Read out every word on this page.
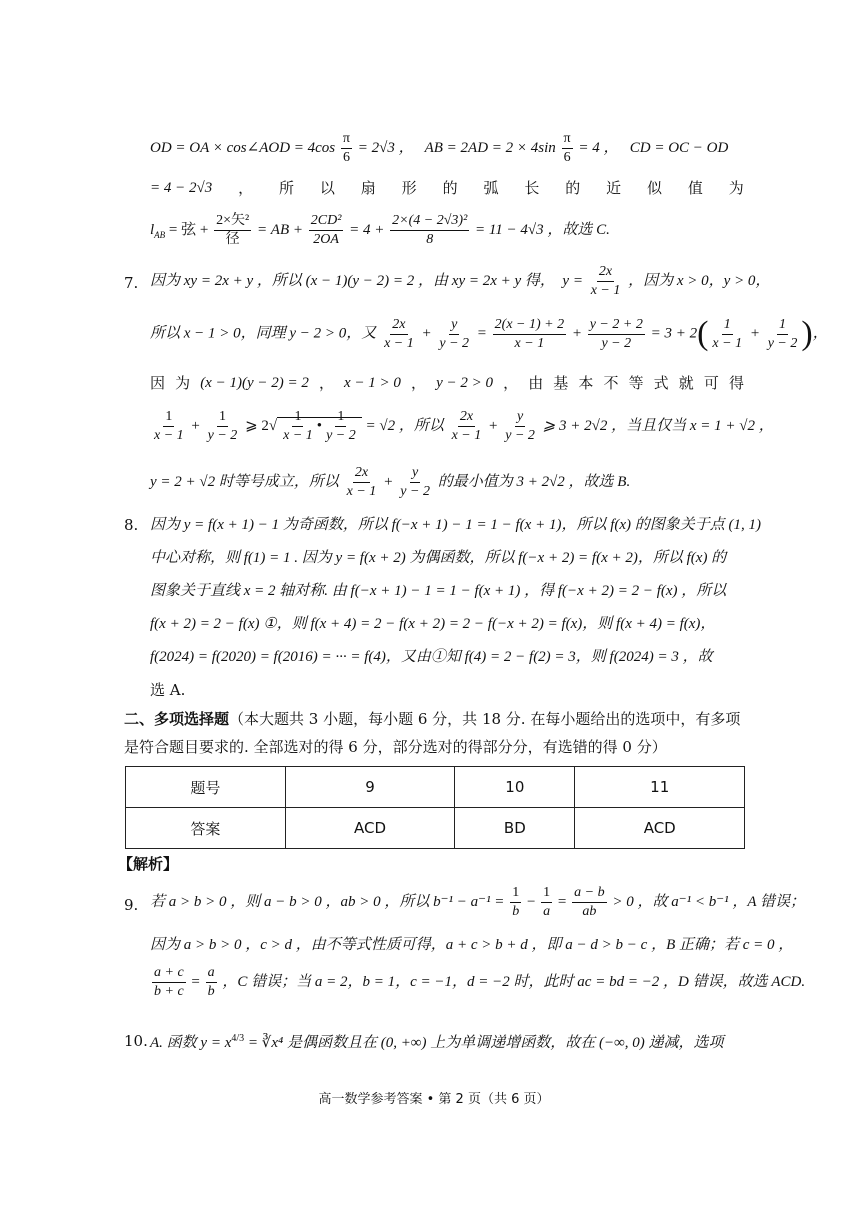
OD = OA × cos∠AOD = $4\cos \frac{\pi}{6} = 2√3$ ， AB = $2AD = 2 \times 4\sin \frac{\pi}{6} = 4$ ， CD = OC − OD
= 4 − 2√3 ， 所 以 扇 形 的 弧 长 的 近 似 值 为
$l_{AB}$ = 弦 + $\frac{\text{2×矢²}}{\text{径}}$ = AB + $\frac{\text{2CD²}}{2OA} = 4 + \frac{\text{2×(4 − 2√3)²}}{8} = 11 - 4√3$ ，故选 C.
7. 因为 xy = 2x + y ，所以 (x − 1)(y − 2) = 2 ，由 xy = 2x + y 得， $y = \frac{2x}{x - 1}$ ，因为 x > 0，y > 0，
所以 x − 1 > 0，同理 y − 2 > 0，又 $\frac{2x}{x - 1} + \frac{y}{y - 2} = \frac{2(x - 1) + 2}{x - 1} + \frac{y - 2 + 2}{y - 2} = 3 + 2( \frac{1}{x - 1} + \frac{1}{y - 2}$ )，
因 为 (x − 1)(y − 2) = 2 ， x − 1 > 0 ， y − 2 > 0 ， 由 基 本 不 等 式 就 可 得
$\frac{1}{x - 1} + \frac{1}{y - 2}$ ⩾ $2√ \frac{1}{x - 1}$ • $\frac{1}{y - 2} = √2$ ，所以 $\frac{2x}{x - 1} + \frac{y}{y - 2}$ ⩾ 3 + 2√2 ，当且仅当 x = 1 + √2 ，
y = 2 + √2 时等号成立，所以 $\frac{2x}{x - 1} + \frac{y}{y - 2}$ 的最小值为 3 + 2√2 ，故选 B.
8. 因为 y = f(x + 1) − 1 为奇函数，所以 f(−x + 1) − 1 = 1 − f(x + 1)，所以 f(x) 的图象关于点 (1, 1)
中心对称，则 f(1) = 1 . 因为 y = f(x + 2) 为偶函数，所以 f(−x + 2) = f(x + 2)，所以 f(x) 的
图象关于直线 x = 2 轴对称. 由 f(−x + 1) − 1 = 1 − f(x + 1) ，得 f(−x + 2) = 2 − f(x) ，所以
f(x + 2) = 2 − f(x) ①，则 f(x + 4) = 2 − f(x + 2) = 2 − f(−x + 2) = f(x)，则 f(x + 4) = f(x)，
f(2024) = f(2020) = f(2016) = ··· = f(4)，又由①知 f(4) = 2 − f(2) = 3，则 f(2024) = 3 ，故
选 A.
二、多项选择题（本大题共 3 小题，每小题 6 分，共 18 分. 在每小题给出的选项中，有多项
是符合题目要求的. 全部选对的得 6 分，部分选对的得部分分，有选错的得 0 分）
题号	9	10	11
答案	ACD	BD	ACD
【解析】
9. 若 a > b > 0 ，则 a − b > 0 ，ab > 0 ，所以 $b^{-1} - a^{-1} = \frac{1}{b} - \frac{1}{a} = \frac{a - b}{ab} > 0$ ，故 a⁻¹ < b⁻¹ ，A 错误；
因为 a > b > 0 ，c > d ，由不等式性质可得，a + c > b + d ，即 a − d > b − c ，B 正确；若 c = 0 ，
$\frac{a + c}{b + c} = \frac{a}{b}$ ，C 错误；当 a = 2，b = 1，c = −1，d = −2 时，此时 ac = bd = −2 ，D 错误，故选 ACD.
10. A. 函数 $y = x^{4/3}$ = ∛x⁴ 是偶函数且在 (0, +∞) 上为单调递增函数，故在 (−∞, 0) 递减，选项
高一数学参考答案 • 第 2 页（共 6 页）
